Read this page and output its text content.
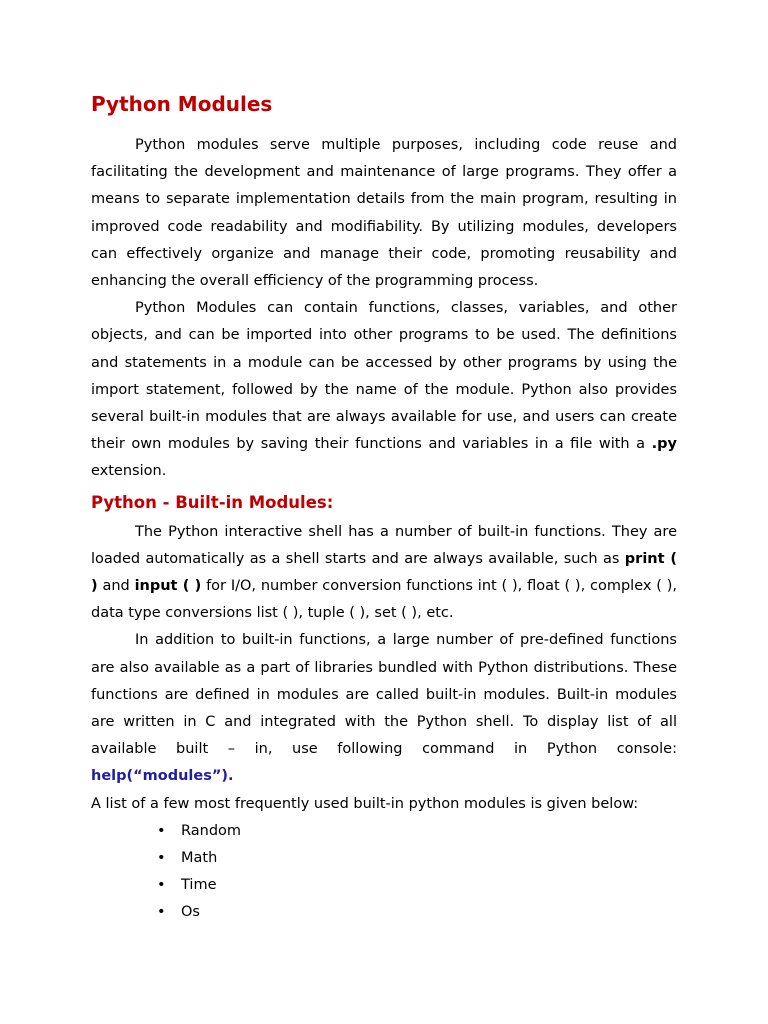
Python Modules

Python modules serve multiple purposes, including code reuse and facilitating the development and maintenance of large programs. They offer a means to separate implementation details from the main program, resulting in improved code readability and modifiability. By utilizing modules, developers can effectively organize and manage their code, promoting reusability and enhancing the overall efficiency of the programming process.

Python Modules can contain functions, classes, variables, and other objects, and can be imported into other programs to be used. The definitions and statements in a module can be accessed by other programs by using the import statement, followed by the name of the module. Python also provides several built-in modules that are always available for use, and users can create their own modules by saving their functions and variables in a file with a .py extension.

Python - Built-in Modules:

The Python interactive shell has a number of built-in functions. They are loaded automatically as a shell starts and are always available, such as print ( ) and input ( ) for I/O, number conversion functions int ( ), float ( ), complex ( ), data type conversions list ( ), tuple ( ), set ( ), etc.

In addition to built-in functions, a large number of pre-defined functions are also available as a part of libraries bundled with Python distributions. These functions are defined in modules are called built-in modules. Built-in modules are written in C and integrated with the Python shell. To display list of all available built – in, use following command in Python console: help(“modules”).

A list of a few most frequently used built-in python modules is given below:

• Random
• Math
• Time
• Os
